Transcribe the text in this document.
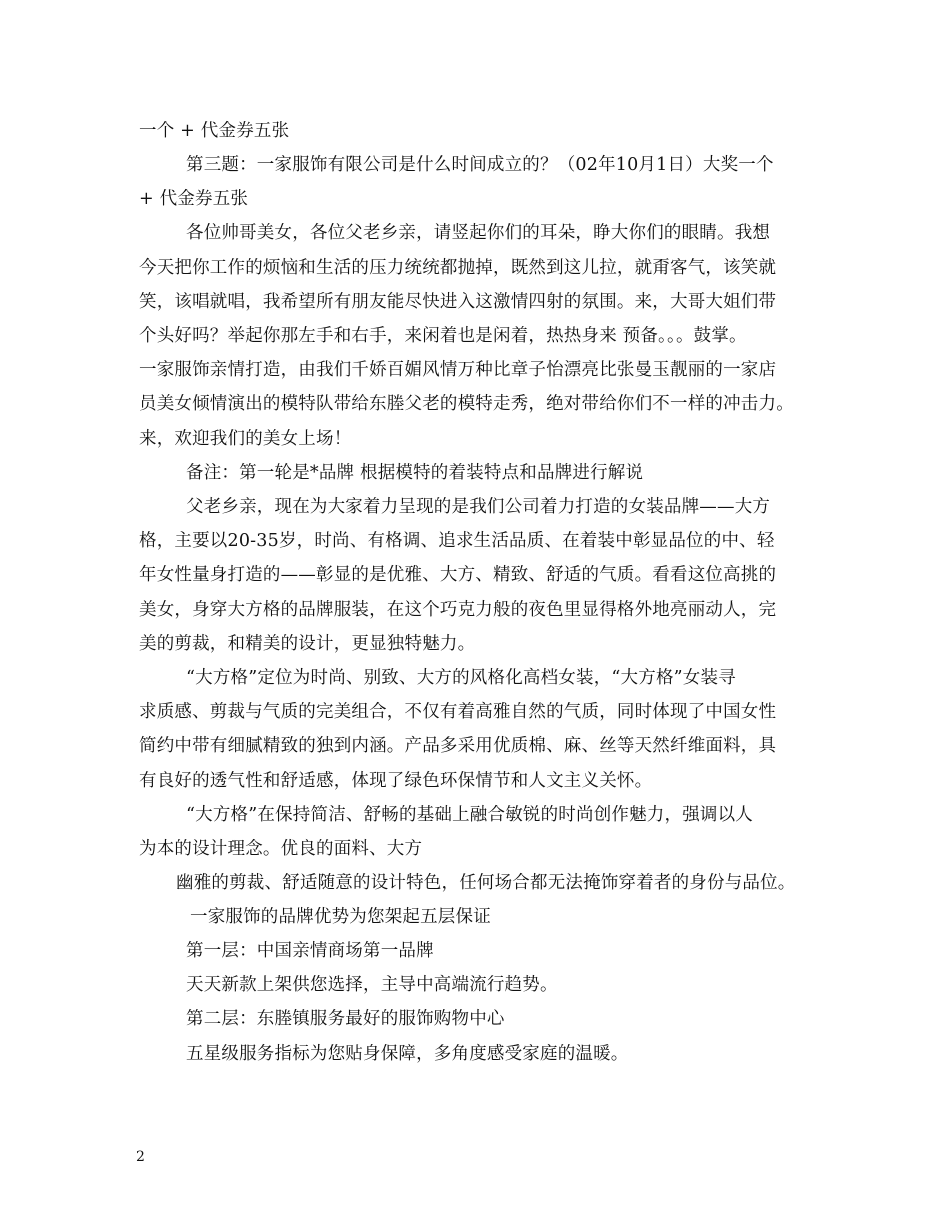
一个 + 代金券五张
第三题：一家服饰有限公司是什么时间成立的？（02年10月1日）大奖一个
+ 代金券五张
各位帅哥美女，各位父老乡亲，请竖起你们的耳朵，睁大你们的眼睛。我想
今天把你工作的烦恼和生活的压力统统都抛掉，既然到这儿拉，就甭客气，该笑就
笑，该唱就唱，我希望所有朋友能尽快进入这激情四射的氛围。来，大哥大姐们带
个头好吗？举起你那左手和右手，来闲着也是闲着，热热身来 预备。。。鼓掌。
一家服饰亲情打造，由我们千娇百媚风情万种比章子怡漂亮比张曼玉靓丽的一家店
员美女倾情演出的模特队带给东塍父老的模特走秀，绝对带给你们不一样的冲击力。
来，欢迎我们的美女上场！
备注：第一轮是*品牌 根据模特的着装特点和品牌进行解说
父老乡亲，现在为大家着力呈现的是我们公司着力打造的女装品牌——大方
格，主要以20-35岁，时尚、有格调、追求生活品质、在着装中彰显品位的中、轻
年女性量身打造的——彰显的是优雅、大方、精致、舒适的气质。看看这位高挑的
美女，身穿大方格的品牌服装，在这个巧克力般的夜色里显得格外地亮丽动人，完
美的剪裁，和精美的设计，更显独特魅力。
“大方格”定位为时尚、别致、大方的风格化高档女装，“大方格”女装寻
求质感、剪裁与气质的完美组合，不仅有着高雅自然的气质，同时体现了中国女性
简约中带有细腻精致的独到内涵。产品多采用优质棉、麻、丝等天然纤维面料，具
有良好的透气性和舒适感，体现了绿色环保情节和人文主义关怀。
“大方格”在保持简洁、舒畅的基础上融合敏锐的时尚创作魅力，强调以人
为本的设计理念。优良的面料、大方
幽雅的剪裁、舒适随意的设计特色，任何场合都无法掩饰穿着者的身份与品位。
一家服饰的品牌优势为您架起五层保证
第一层：中国亲情商场第一品牌
天天新款上架供您选择，主导中高端流行趋势。
第二层：东塍镇服务最好的服饰购物中心
五星级服务指标为您贴身保障，多角度感受家庭的温暖。
2
